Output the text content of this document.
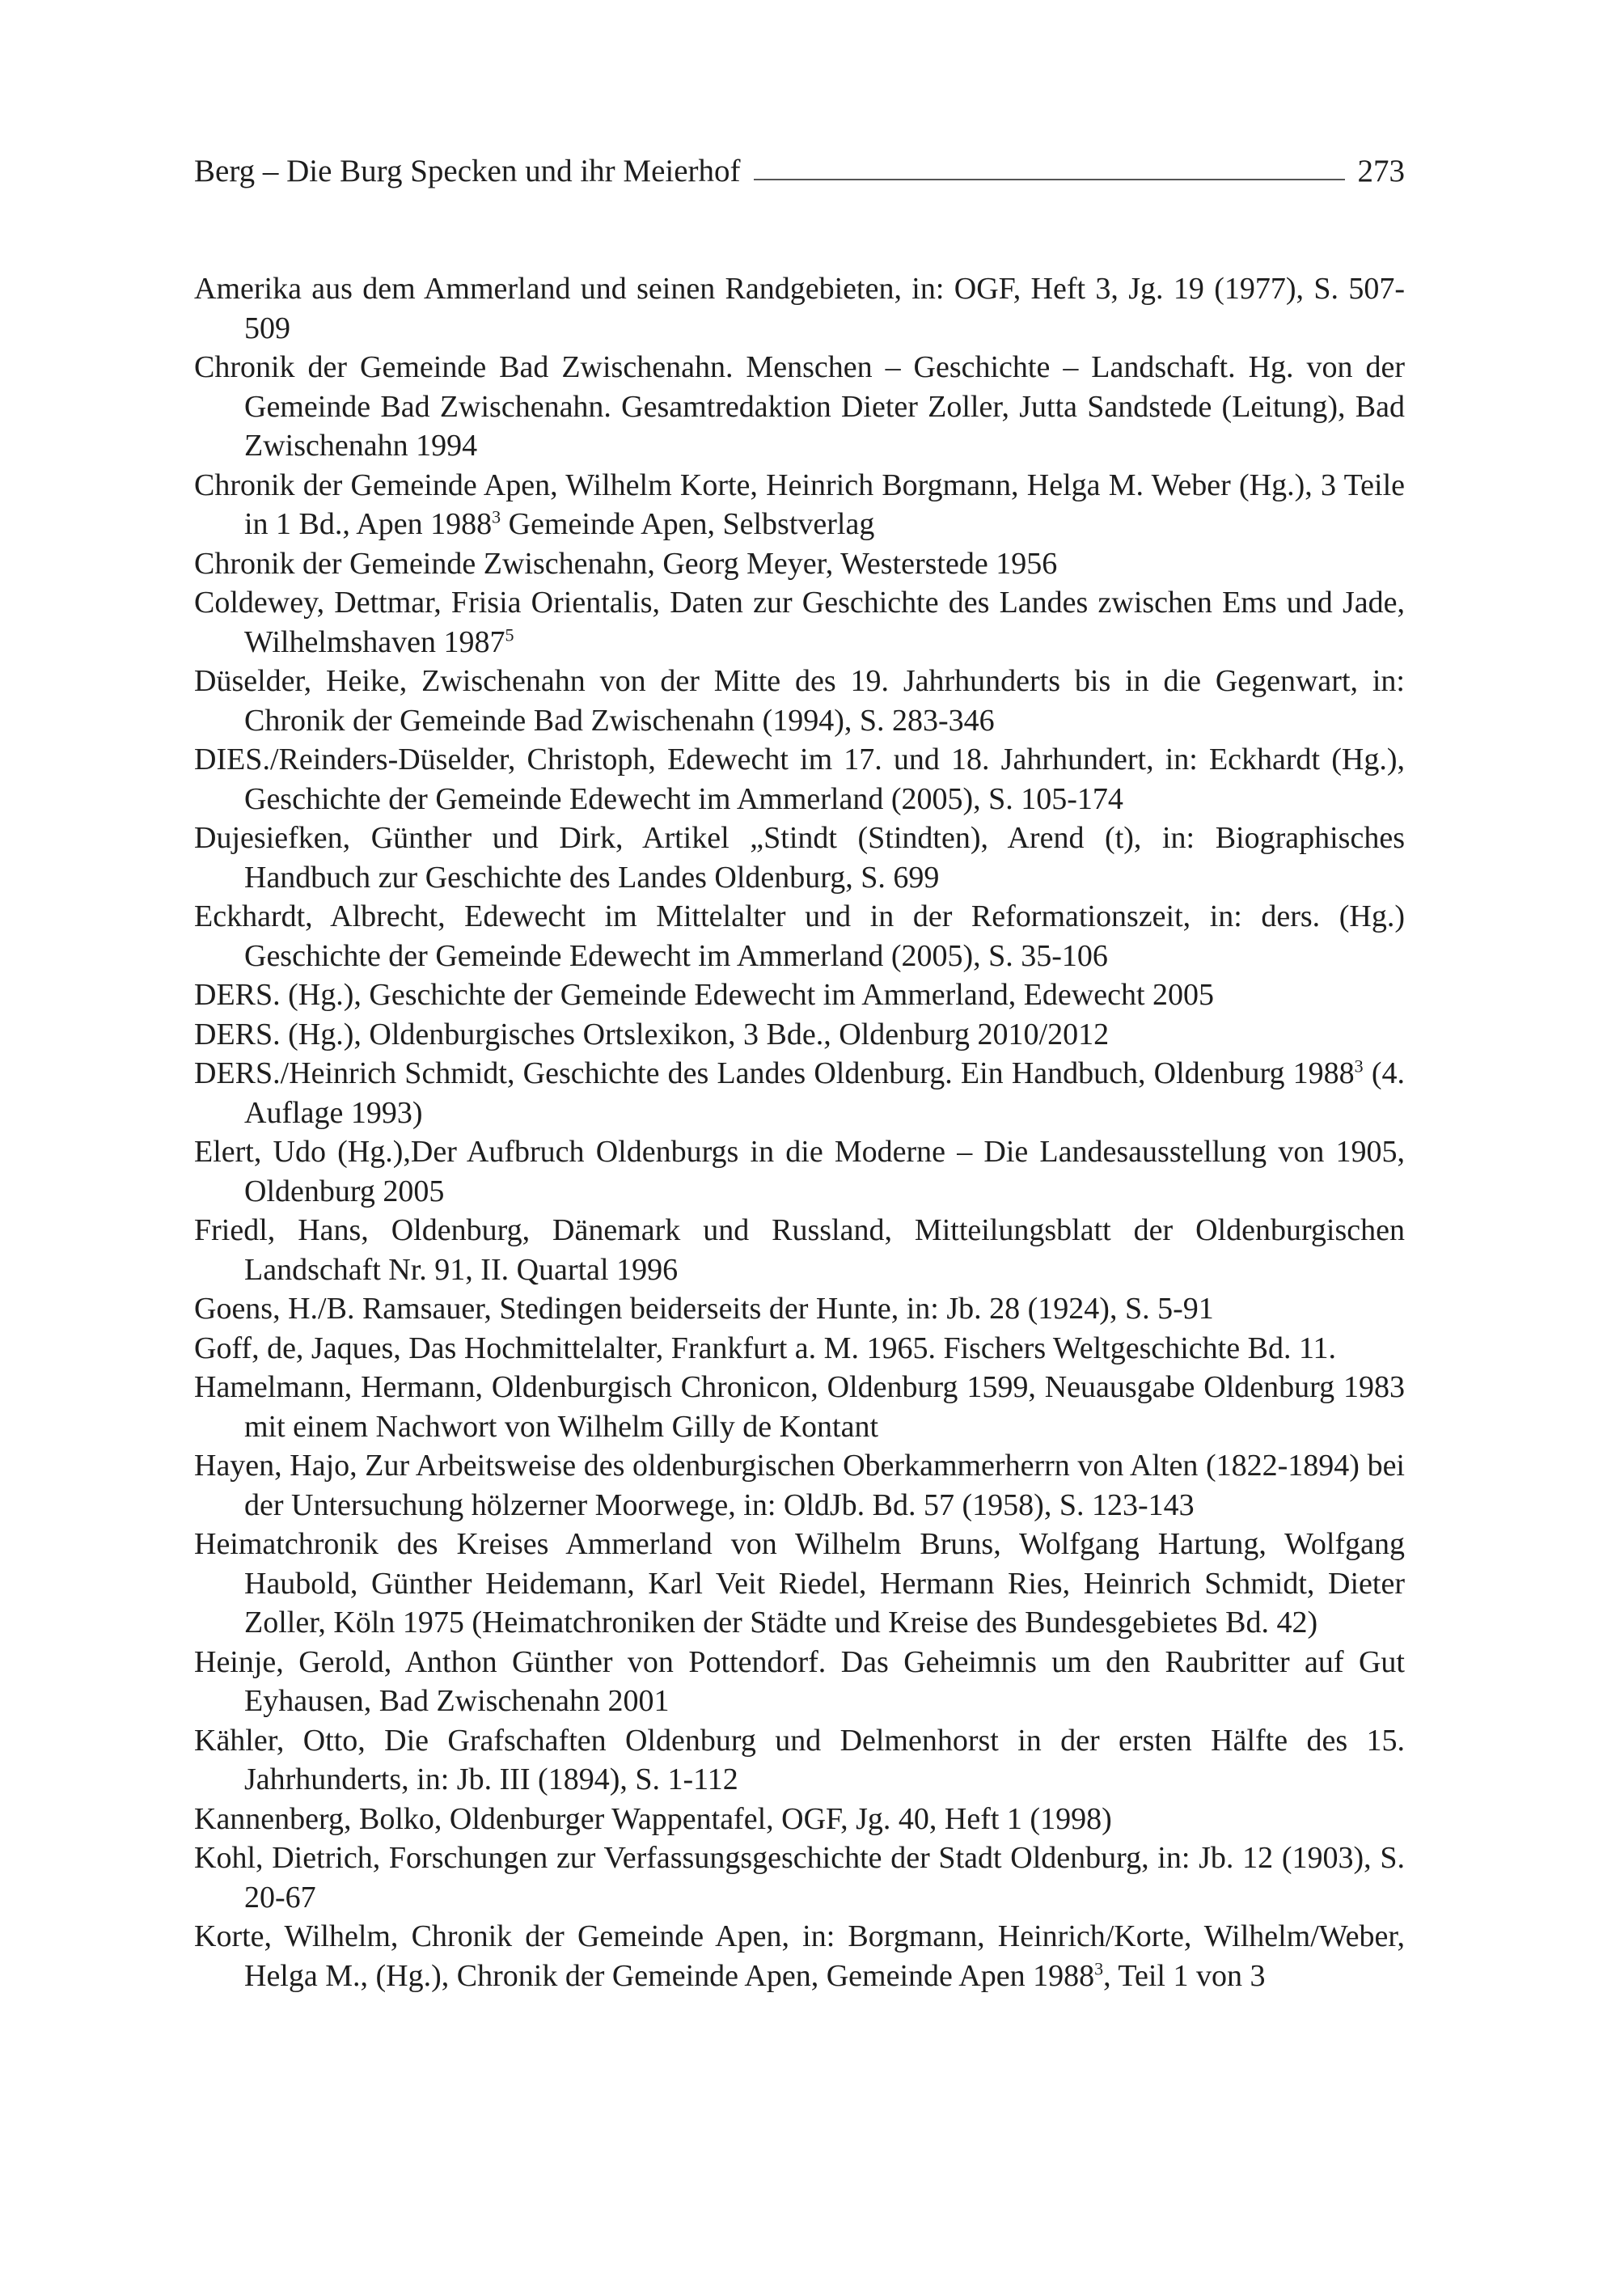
Berg – Die Burg Specken und ihr Meierhof	273
Amerika aus dem Ammerland und seinen Randgebieten, in: OGF, Heft 3, Jg. 19 (1977), S. 507-509
Chronik der Gemeinde Bad Zwischenahn. Menschen – Geschichte – Landschaft. Hg. von der Gemeinde Bad Zwischenahn. Gesamtredaktion Dieter Zoller, Jutta Sandstede (Leitung), Bad Zwischenahn 1994
Chronik der Gemeinde Apen, Wilhelm Korte, Heinrich Borgmann, Helga M. Weber (Hg.), 3 Teile in 1 Bd., Apen 1988$^3$ Gemeinde Apen, Selbstverlag
Chronik der Gemeinde Zwischenahn, Georg Meyer, Westerstede 1956
Coldewey, Dettmar, Frisia Orientalis, Daten zur Geschichte des Landes zwischen Ems und Jade, Wilhelmshaven 1987$^5$
Düselder, Heike, Zwischenahn von der Mitte des 19. Jahrhunderts bis in die Gegenwart, in: Chronik der Gemeinde Bad Zwischenahn (1994), S. 283-346
DIES./Reinders-Düselder, Christoph, Edewecht im 17. und 18. Jahrhundert, in: Eckhardt (Hg.), Geschichte der Gemeinde Edewecht im Ammerland (2005), S. 105-174
Dujesiefken, Günther und Dirk, Artikel „Stindt (Stindten), Arend (t), in: Biographisches Handbuch zur Geschichte des Landes Oldenburg, S. 699
Eckhardt, Albrecht, Edewecht im Mittelalter und in der Reformationszeit, in: ders. (Hg.) Geschichte der Gemeinde Edewecht im Ammerland (2005), S. 35-106
DERS. (Hg.), Geschichte der Gemeinde Edewecht im Ammerland, Edewecht 2005
DERS. (Hg.), Oldenburgisches Ortslexikon, 3 Bde., Oldenburg 2010/2012
DERS./Heinrich Schmidt, Geschichte des Landes Oldenburg. Ein Handbuch, Oldenburg 1988$^3$ (4. Auflage 1993)
Elert, Udo (Hg.),Der Aufbruch Oldenburgs in die Moderne – Die Landesausstellung von 1905, Oldenburg 2005
Friedl, Hans, Oldenburg, Dänemark und Russland, Mitteilungsblatt der Oldenburgischen Landschaft Nr. 91, II. Quartal 1996
Goens, H./B. Ramsauer, Stedingen beiderseits der Hunte, in: Jb. 28 (1924), S. 5-91
Goff, de, Jaques, Das Hochmittelalter, Frankfurt a. M. 1965. Fischers Weltgeschichte Bd. 11.
Hamelmann, Hermann, Oldenburgisch Chronicon, Oldenburg 1599, Neuausgabe Oldenburg 1983 mit einem Nachwort von Wilhelm Gilly de Kontant
Hayen, Hajo, Zur Arbeitsweise des oldenburgischen Oberkammerherrn von Alten (1822-1894) bei der Untersuchung hölzerner Moorwege, in: OldJb. Bd. 57 (1958), S. 123-143
Heimatchronik des Kreises Ammerland von Wilhelm Bruns, Wolfgang Hartung, Wolfgang Haubold, Günther Heidemann, Karl Veit Riedel, Hermann Ries, Heinrich Schmidt, Dieter Zoller, Köln 1975 (Heimatchroniken der Städte und Kreise des Bundesgebietes Bd. 42)
Heinje, Gerold, Anthon Günther von Pottendorf. Das Geheimnis um den Raubritter auf Gut Eyhausen, Bad Zwischenahn 2001
Kähler, Otto, Die Grafschaften Oldenburg und Delmenhorst in der ersten Hälfte des 15. Jahrhunderts, in: Jb. III (1894), S. 1-112
Kannenberg, Bolko, Oldenburger Wappentafel, OGF, Jg. 40, Heft 1 (1998)
Kohl, Dietrich, Forschungen zur Verfassungsgeschichte der Stadt Oldenburg, in: Jb. 12 (1903), S. 20-67
Korte, Wilhelm, Chronik der Gemeinde Apen, in: Borgmann, Heinrich/Korte, Wilhelm/Weber, Helga M., (Hg.), Chronik der Gemeinde Apen, Gemeinde Apen 1988$^3$, Teil 1 von 3
